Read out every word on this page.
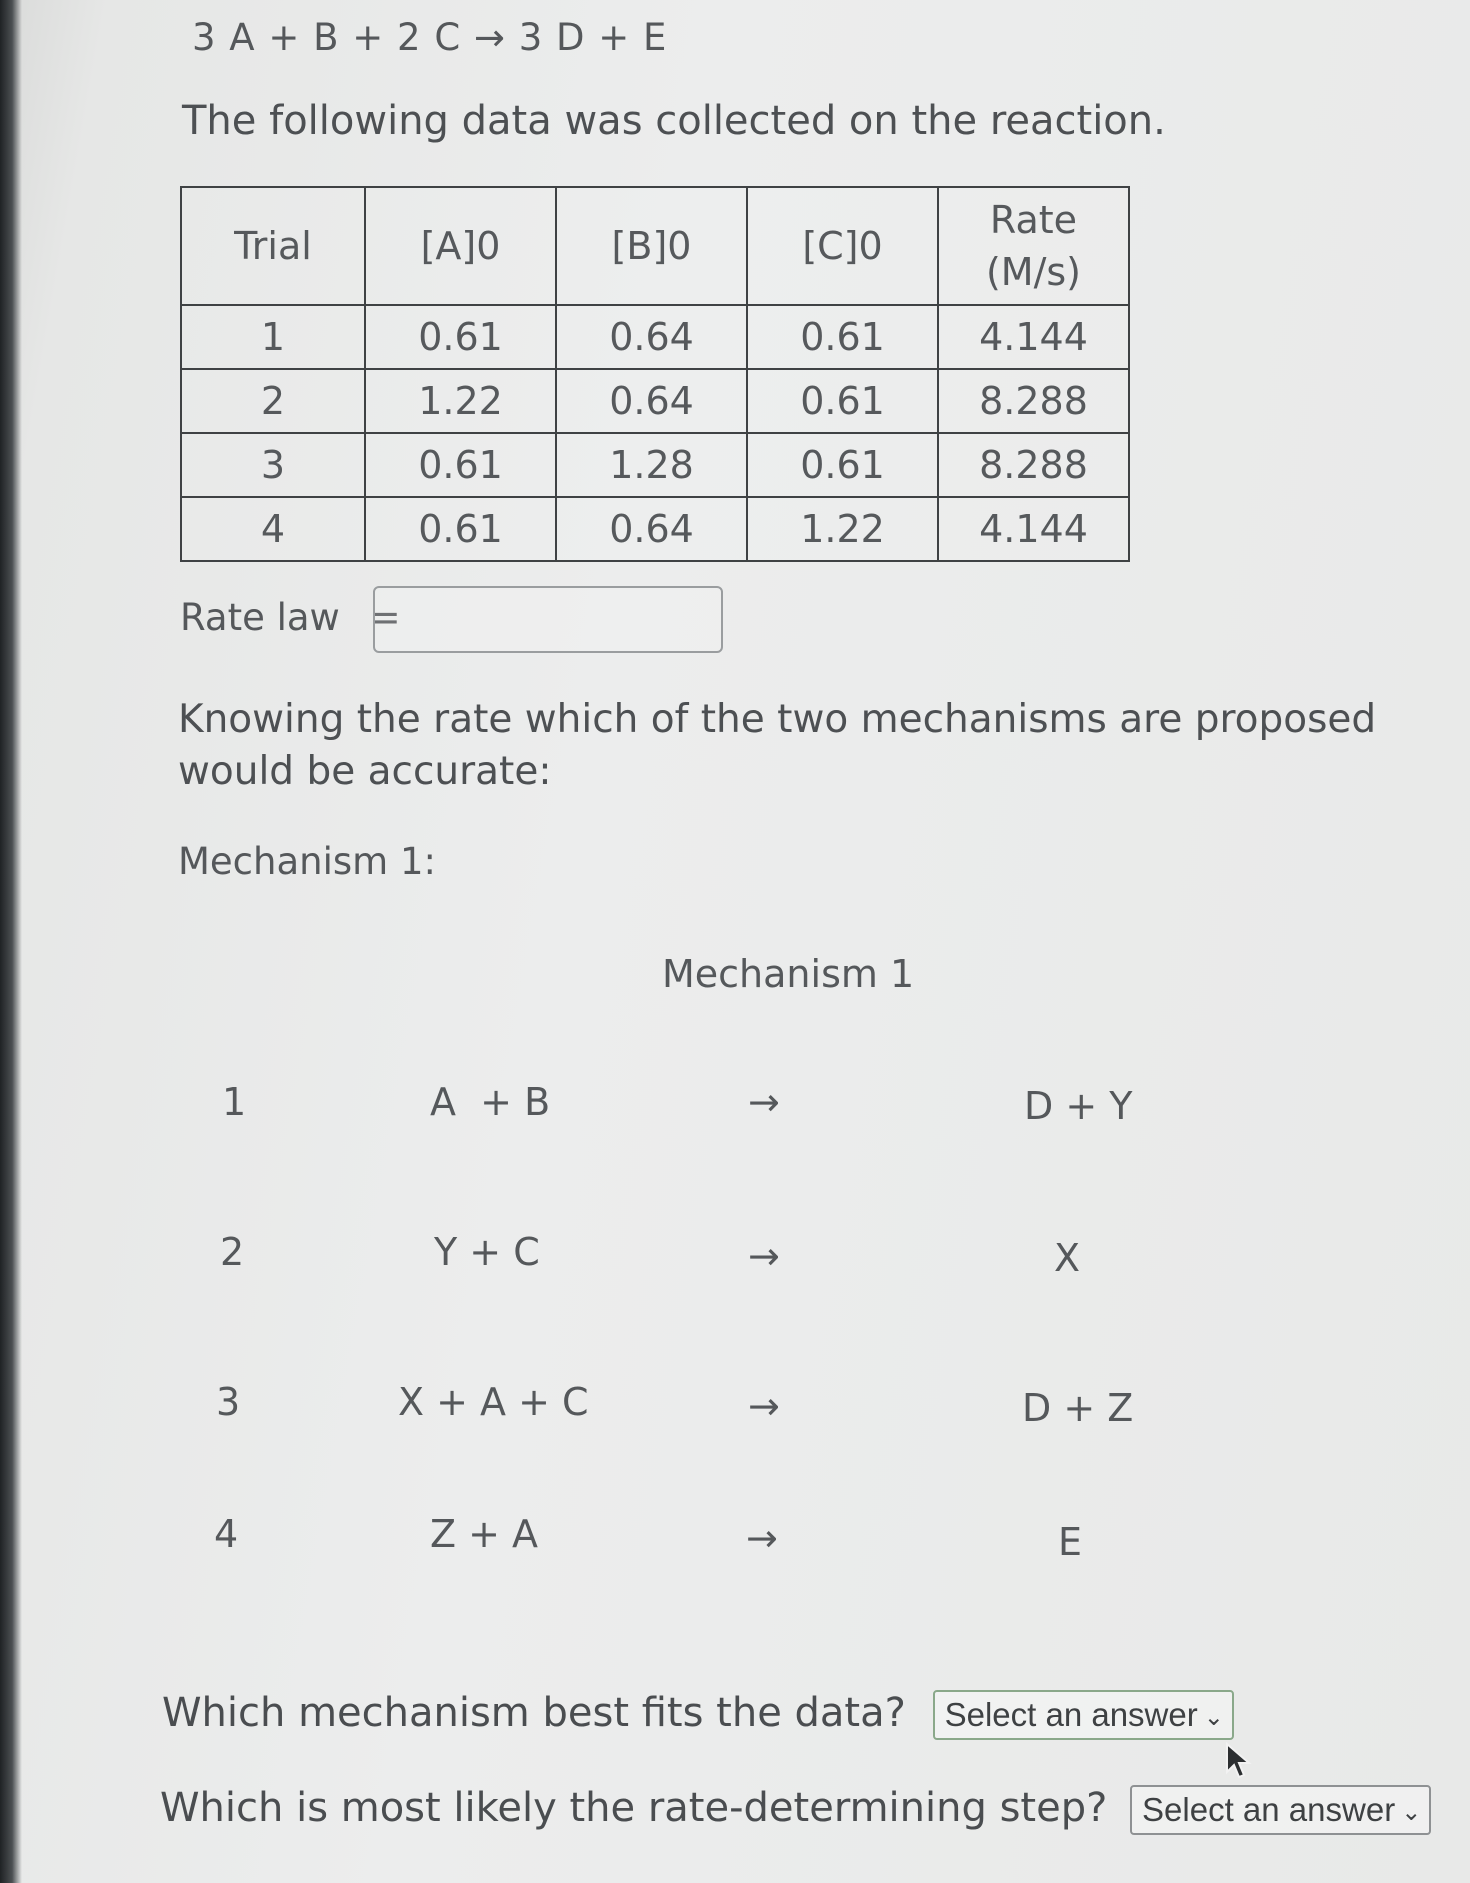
3 A + B + 2 C → 3 D + E
The following data was collected on the reaction.
Trial	[A]0	[B]0	[C]0	Rate
(M/s)
1	0.61	0.64	0.61	4.144
2	1.22	0.64	0.61	8.288
3	0.61	1.28	0.61	8.288
4	0.61	0.64	1.22	4.144
Rate law =
Knowing the rate which of the two mechanisms are proposed would be accurate:
Mechanism 1:
Mechanism 1
1	A  + B	→	D + Y
2	Y + C	→	X
3	X + A + C	→	D + Z
4	Z + A	→	E
Which mechanism best fits the data? Select an answer ⌄
Which is most likely the rate-determining step? Select an answer ⌄
